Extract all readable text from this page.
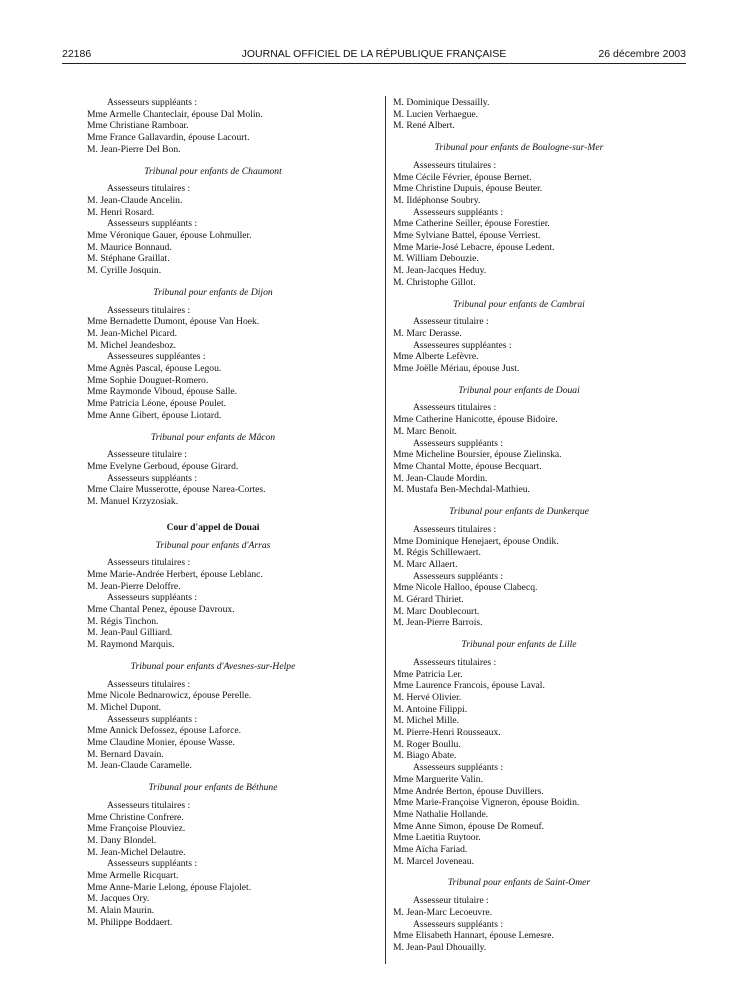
22186	JOURNAL OFFICIEL DE LA RÉPUBLIQUE FRANÇAISE	26 décembre 2003
Assesseurs suppléants :
Mme Armelle Chanteclair, épouse Dal Molin.
Mme Christiane Ramboar.
Mme France Gallavardin, épouse Lacourt.
M. Jean-Pierre Del Bon.
Tribunal pour enfants de Chaumont
Assesseurs titulaires :
M. Jean-Claude Ancelin.
M. Henri Rosard.
Assesseurs suppléants :
Mme Véronique Gauer, épouse Lohmuller.
M. Maurice Bonnaud.
M. Stéphane Graillat.
M. Cyrille Josquin.
Tribunal pour enfants de Dijon
Assesseurs titulaires :
Mme Bernadette Dumont, épouse Van Hoek.
M. Jean-Michel Picard.
M. Michel Jeandesboz.
Assesseures suppléantes :
Mme Agnès Pascal, épouse Legou.
Mme Sophie Douguet-Romero.
Mme Raymonde Viboud, épouse Salle.
Mme Patricia Léone, épouse Poulet.
Mme Anne Gibert, épouse Liotard.
Tribunal pour enfants de Mâcon
Assesseure titulaire :
Mme Evelyne Gerboud, épouse Girard.
Assesseurs suppléants :
Mme Claire Musserotte, épouse Narea-Cortes.
M. Manuel Krzyzosiak.
Cour d'appel de Douai
Tribunal pour enfants d'Arras
Assesseurs titulaires :
Mme Marie-Andrée Herbert, épouse Leblanc.
M. Jean-Pierre Deloffre.
Assesseurs suppléants :
Mme Chantal Penez, épouse Davroux.
M. Régis Tinchon.
M. Jean-Paul Gilliard.
M. Raymond Marquis.
Tribunal pour enfants d'Avesnes-sur-Helpe
Assesseurs titulaires :
Mme Nicole Bednarowicz, épouse Perelle.
M. Michel Dupont.
Assesseurs suppléants :
Mme Annick Defossez, épouse Laforce.
Mme Claudine Monier, épouse Wasse.
M. Bernard Davain.
M. Jean-Claude Caramelle.
Tribunal pour enfants de Béthune
Assesseurs titulaires :
Mme Christine Confrere.
Mme Françoise Plouviez.
M. Dany Blondel.
M. Jean-Michel Delautre.
Assesseurs suppléants :
Mme Armelle Ricquart.
Mme Anne-Marie Lelong, épouse Flajolet.
M. Jacques Ory.
M. Alain Maurin.
M. Philippe Boddaert.
M. Dominique Dessailly.
M. Lucien Verhaegue.
M. René Albert.
Tribunal pour enfants de Boulogne-sur-Mer
Assesseurs titulaires :
Mme Cécile Février, épouse Bernet.
Mme Christine Dupuis, épouse Beuter.
M. Ildéphonse Soubry.
Assesseurs suppléants :
Mme Catherine Seiller, épouse Forestier.
Mme Sylviane Battel, épouse Verriest.
Mme Marie-José Lebacre, épouse Ledent.
M. William Debouzie.
M. Jean-Jacques Heduy.
M. Christophe Gillot.
Tribunal pour enfants de Cambrai
Assesseur titulaire :
M. Marc Derasse.
Assesseures suppléantes :
Mme Alberte Lefèvre.
Mme Joëlle Mériau, épouse Just.
Tribunal pour enfants de Douai
Assesseurs titulaires :
Mme Catherine Hanicotte, épouse Bidoire.
M. Marc Benoit.
Assesseurs suppléants :
Mme Micheline Boursier, épouse Zielinska.
Mme Chantal Motte, épouse Becquart.
M. Jean-Claude Mordin.
M. Mustafa Ben-Mechdal-Mathieu.
Tribunal pour enfants de Dunkerque
Assesseurs titulaires :
Mme Dominique Henejaert, épouse Ondik.
M. Régis Schillewaert.
M. Marc Allaert.
Assesseurs suppléants :
Mme Nicole Halloo, épouse Clabecq.
M. Gérard Thiriet.
M. Marc Doublecourt.
M. Jean-Pierre Barrois.
Tribunal pour enfants de Lille
Assesseurs titulaires :
Mme Patricia Ler.
Mme Laurence Francois, épouse Laval.
M. Hervé Olivier.
M. Antoine Filippi.
M. Michel Mille.
M. Pierre-Henri Rousseaux.
M. Roger Boullu.
M. Biago Abate.
Assesseurs suppléants :
Mme Marguerite Valin.
Mme Andrée Berton, épouse Duvillers.
Mme Marie-Françoise Vigneron, épouse Boidin.
Mme Nathalie Hollande.
Mme Anne Simon, épouse De Romeuf.
Mme Laetitia Ruytoor.
Mme Aïcha Fariad.
M. Marcel Joveneau.
Tribunal pour enfants de Saint-Omer
Assesseur titulaire :
M. Jean-Marc Lecoeuvre.
Assesseurs suppléants :
Mme Elisabeth Hannart, épouse Lemesre.
M. Jean-Paul Dhouailly.
